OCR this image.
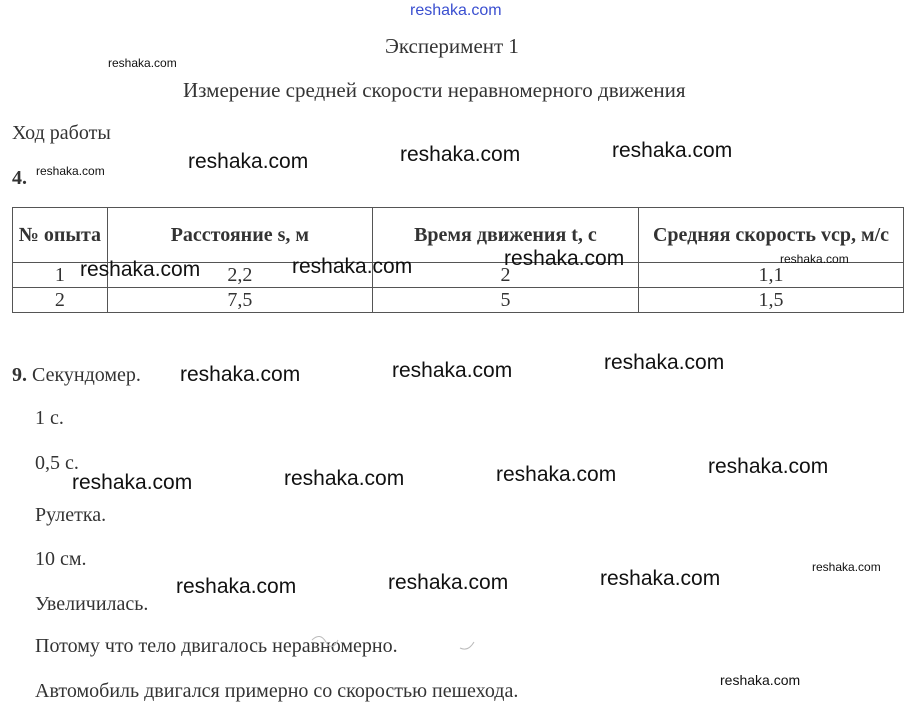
reshaka.com
Эксперимент 1
Измерение средней скорости неравномерного движения
Ход работы
4.
№ опыта	Расстояние s, м	Время движения t, с	Средняя скорость vср, м/с
1	2,2	2	1,1
2	7,5	5	1,5
9. Секундомер.
1 с.
0,5 с.
Рулетка.
10 см.
Увеличилась.
Потому что тело двигалось неравномерно.
Автомобиль двигался примерно со скоростью пешехода.
reshaka.com
reshaka.com	reshaka.com	reshaka.com
reshaka.com
reshaka.com	reshaka.com	reshaka.com	reshaka.com
reshaka.com	reshaka.com	reshaka.com
reshaka.com	reshaka.com	reshaka.com	reshaka.com
reshaka.com	reshaka.com	reshaka.com	reshaka.com
reshaka.com
